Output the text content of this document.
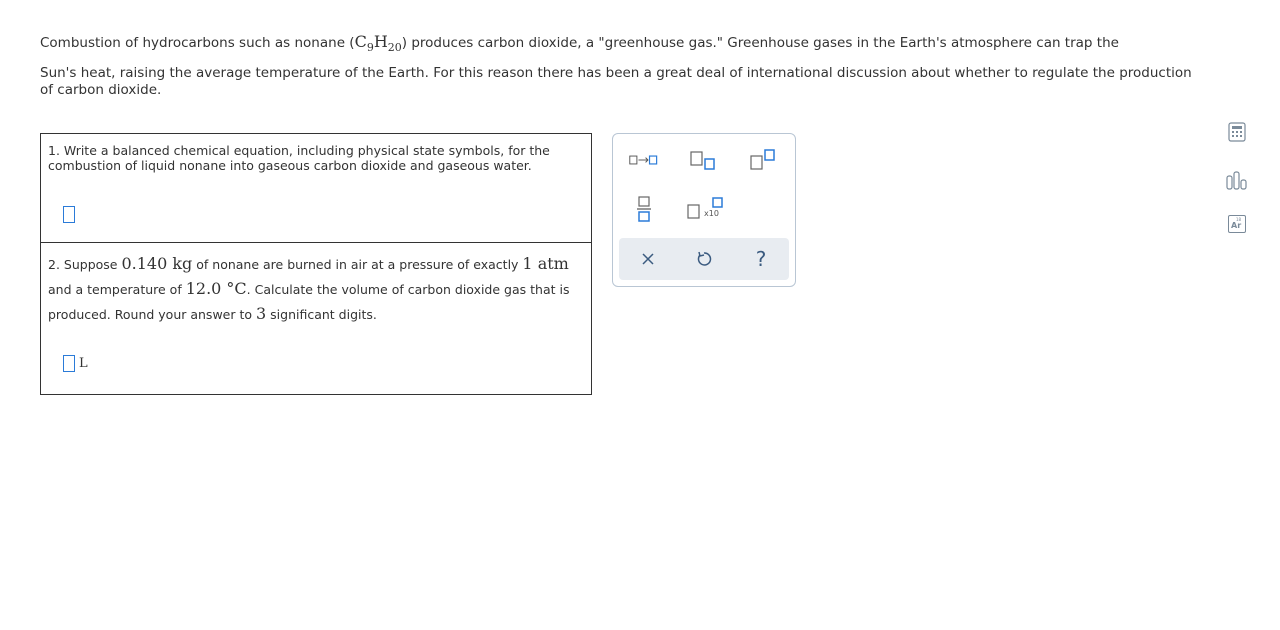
Combustion of hydrocarbons such as nonane $(C_9H_{20})$ produces carbon dioxide, a "greenhouse gas." Greenhouse gases in the Earth's atmosphere can trap the
Sun's heat, raising the average temperature of the Earth. For this reason there has been a great deal of international discussion about whether to regulate the production of carbon dioxide.
1. Write a balanced chemical equation, including physical state symbols, for the combustion of liquid nonane into gaseous carbon dioxide and gaseous water.
2. Suppose 0.140 kg of nonane are burned in air at a pressure of exactly 1 atm and a temperature of 12.0 °C. Calculate the volume of carbon dioxide gas that is produced. Round your answer to 3 significant digits.
L
x10
?
18
Ar
